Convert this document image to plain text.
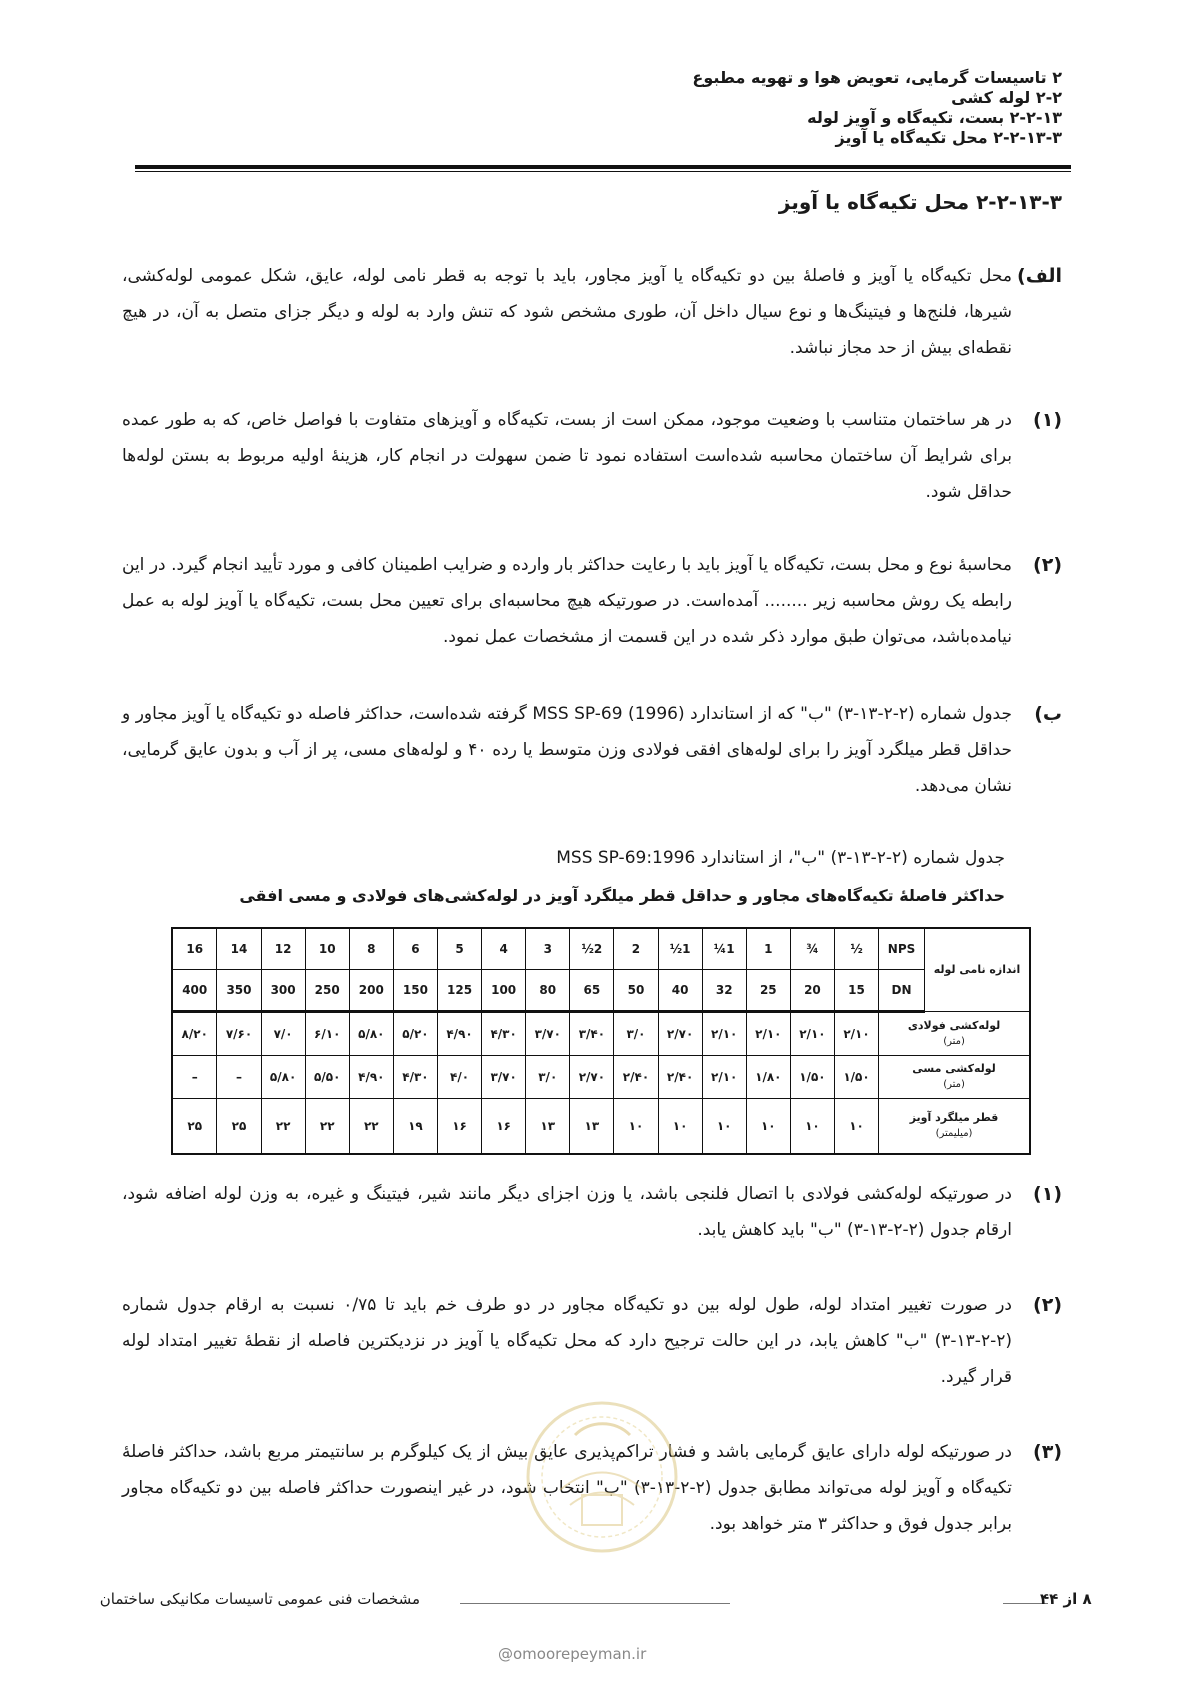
۲ تاسیسات گرمایی، تعویض هوا و تهویه مطبوع
۲-۲ لوله کشی
۲-۲-۱۳ بست، تکیه‌گاه و آویز لوله
۲-۲-۱۳-۳ محل تکیه‌گاه یا آویز
۲-۲-۱۳-۳ محل تکیه‌گاه یا آویز
الف)
محل تکیه‌گاه یا آویز و فاصلهٔ بین دو تکیه‌گاه یا آویز مجاور، باید با توجه به قطر نامی لوله، عایق، شکل عمومی لوله‌کشی، شیرها، فلنج‌ها و فیتینگ‌ها و نوع سیال داخل آن، طوری مشخص شود که تنش وارد به لوله و دیگر جزای متصل به آن، در هیچ نقطه‌ای بیش از حد مجاز نباشد.
(۱)
در هر ساختمان متناسب با وضعیت موجود، ممکن است از بست، تکیه‌گاه و آویزهای متفاوت با فواصل خاص، که به طور عمده برای شرایط آن ساختمان محاسبه شده‌است استفاده نمود تا ضمن سهولت در انجام کار، هزینهٔ اولیه مربوط به بستن لوله‌ها حداقل شود.
(۲)
محاسبهٔ نوع و محل بست، تکیه‌گاه یا آویز باید با رعایت حداکثر بار وارده و ضرایب اطمینان کافی و مورد تأیید انجام گیرد. در این رابطه یک روش محاسبه زیر ........ آمده‌است. در صورتیکه هیچ محاسبه‌ای برای تعیین محل بست، تکیه‌گاه یا آویز لوله به عمل نیامده‌باشد، می‌توان طبق موارد ذکر شده در این قسمت از مشخصات عمل نمود.
ب)
جدول شماره (۲-۲-۱۳-۳) "ب" که از استاندارد MSS SP-69 (1996) گرفته شده‌است، حداکثر فاصله دو تکیه‌گاه یا آویز مجاور و حداقل قطر میلگرد آویز را برای لوله‌های افقی فولادی وزن متوسط یا رده ۴۰ و لوله‌های مسی، پر از آب و بدون عایق گرمایی، نشان می‌دهد.
جدول شماره (۲-۲-۱۳-۳) "ب"، از استاندارد MSS SP-69:1996
حداکثر فاصلهٔ تکیه‌گاه‌های مجاور و حداقل قطر میلگرد آویز در لوله‌کشی‌های فولادی و مسی افقی
اندازه نامی لوله	NPS	½	¾	1	1¼	1½	2	2½	3	4	5	6	8	10	12	14	16
	DN	15	20	25	32	40	50	65	80	100	125	150	200	250	300	350	400

لوله‌کشی فولادی
(متر)		۲/۱۰	۲/۱۰	۲/۱۰	۲/۱۰	۲/۷۰	۳/۰	۳/۴۰	۳/۷۰	۴/۳۰	۴/۹۰	۵/۲۰	۵/۸۰	۶/۱۰	۷/۰	۷/۶۰	۸/۲۰

لوله‌کشی مسی
(متر)		۱/۵۰	۱/۵۰	۱/۸۰	۲/۱۰	۲/۴۰	۲/۴۰	۲/۷۰	۳/۰	۳/۷۰	۴/۰	۴/۳۰	۴/۹۰	۵/۵۰	۵/۸۰	–	–

قطر میلگرد آویز
(میلیمتر)		۱۰	۱۰	۱۰	۱۰	۱۰	۱۰	۱۳	۱۳	۱۶	۱۶	۱۹	۲۲	۲۲	۲۲	۲۵	۲۵
(۱)
در صورتیکه لوله‌کشی فولادی با اتصال فلنجی باشد، یا وزن اجزای دیگر مانند شیر، فیتینگ و غیره، به وزن لوله اضافه شود، ارقام جدول (۲-۲-۱۳-۳) "ب" باید کاهش یابد.
(۲)
در صورت تغییر امتداد لوله، طول لوله بین دو تکیه‌گاه مجاور در دو طرف خم باید تا ۰/۷۵ نسبت به ارقام جدول شماره (۲-۲-۱۳-۳) "ب" کاهش یابد، در این حالت ترجیح دارد که محل تکیه‌گاه یا آویز در نزدیکترین فاصله از نقطهٔ تغییر امتداد لوله قرار گیرد.
(۳)
در صورتیکه لوله دارای عایق گرمایی باشد و فشار تراکم‌پذیری عایق بیش از یک کیلوگرم بر سانتیمتر مربع باشد، حداکثر فاصلهٔ تکیه‌گاه و آویز لوله می‌تواند مطابق جدول (۲-۲-۱۳-۳) "ب" انتخاب شود، در غیر اینصورت حداکثر فاصله بین دو تکیه‌گاه مجاور برابر جدول فوق و حداکثر ۳ متر خواهد بود.
۸ از ۴۴
مشخصات فنی عمومی تاسیسات مکانیکی ساختمان
@omoorepeyman.ir
